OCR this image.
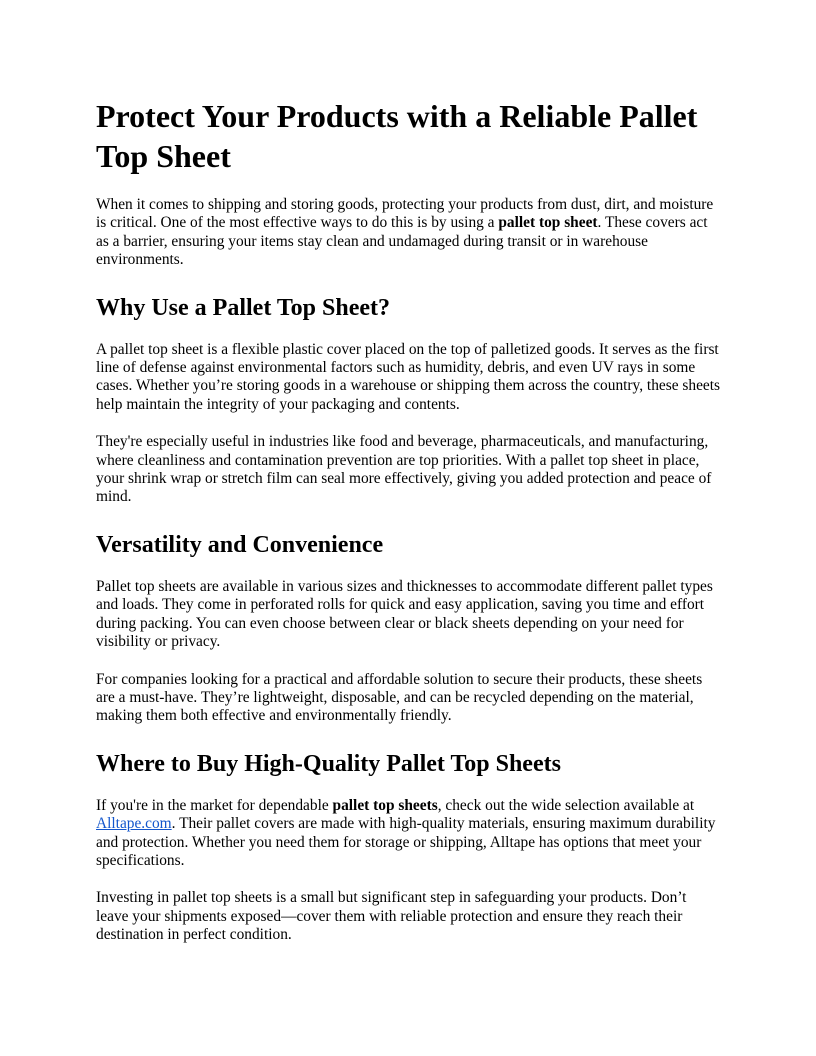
Protect Your Products with a Reliable Pallet Top Sheet

When it comes to shipping and storing goods, protecting your products from dust, dirt, and moisture is critical. One of the most effective ways to do this is by using a pallet top sheet. These covers act as a barrier, ensuring your items stay clean and undamaged during transit or in warehouse environments.

Why Use a Pallet Top Sheet?

A pallet top sheet is a flexible plastic cover placed on the top of palletized goods. It serves as the first line of defense against environmental factors such as humidity, debris, and even UV rays in some cases. Whether you’re storing goods in a warehouse or shipping them across the country, these sheets help maintain the integrity of your packaging and contents.

They're especially useful in industries like food and beverage, pharmaceuticals, and manufacturing, where cleanliness and contamination prevention are top priorities. With a pallet top sheet in place, your shrink wrap or stretch film can seal more effectively, giving you added protection and peace of mind.

Versatility and Convenience

Pallet top sheets are available in various sizes and thicknesses to accommodate different pallet types and loads. They come in perforated rolls for quick and easy application, saving you time and effort during packing. You can even choose between clear or black sheets depending on your need for visibility or privacy.

For companies looking for a practical and affordable solution to secure their products, these sheets are a must-have. They’re lightweight, disposable, and can be recycled depending on the material, making them both effective and environmentally friendly.

Where to Buy High-Quality Pallet Top Sheets

If you're in the market for dependable pallet top sheets, check out the wide selection available at Alltape.com. Their pallet covers are made with high-quality materials, ensuring maximum durability and protection. Whether you need them for storage or shipping, Alltape has options that meet your specifications.

Investing in pallet top sheets is a small but significant step in safeguarding your products. Don’t leave your shipments exposed—cover them with reliable protection and ensure they reach their destination in perfect condition.
